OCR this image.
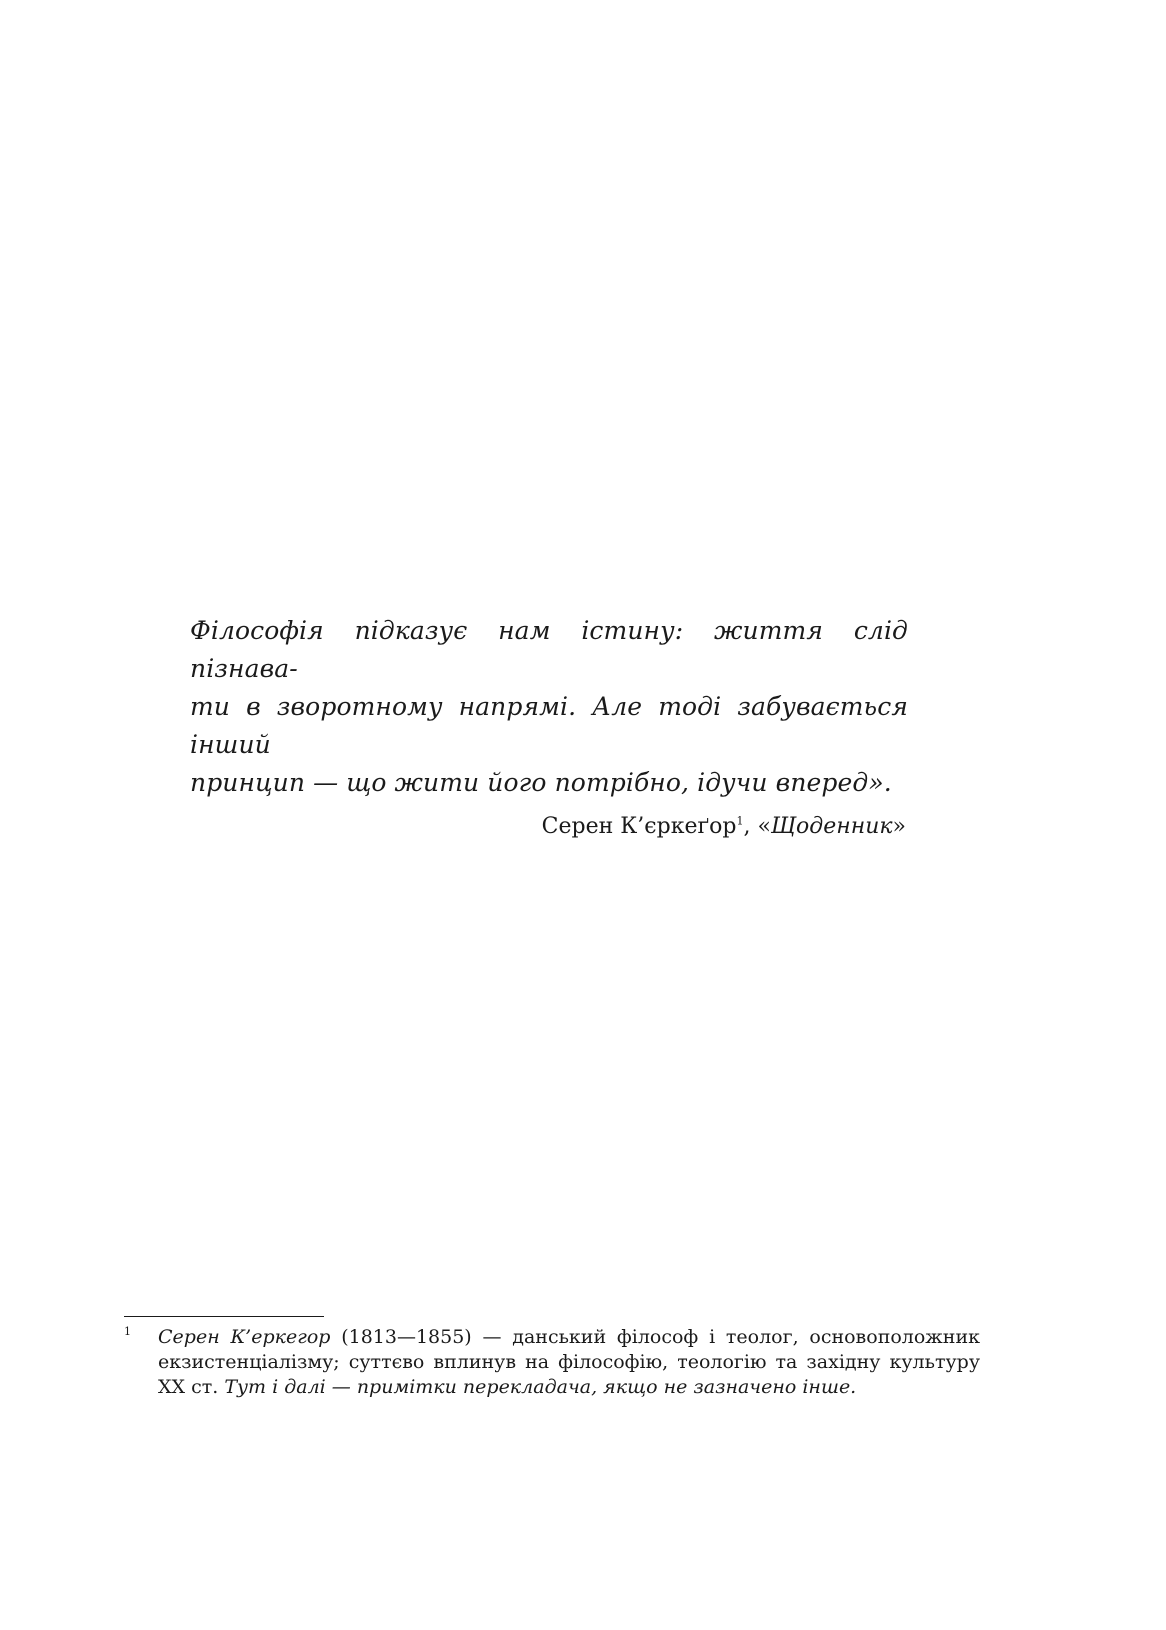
Філософія підказує нам істину: життя слід пізнава-
ти в зворотному напрямі. Але тоді забувається інший
принцип — що жити його потрібно, ідучи вперед».

Серен К’єркеґор$^1$, «Щоденник»
1 Серен К’еркегор (1813—1855) — данський філософ і теолог, основоположник
екзистенціалізму; суттєво вплинув на філософію, теологію та західну культуру
XX ст. Тут і далі — примітки перекладача, якщо не зазначено інше.
